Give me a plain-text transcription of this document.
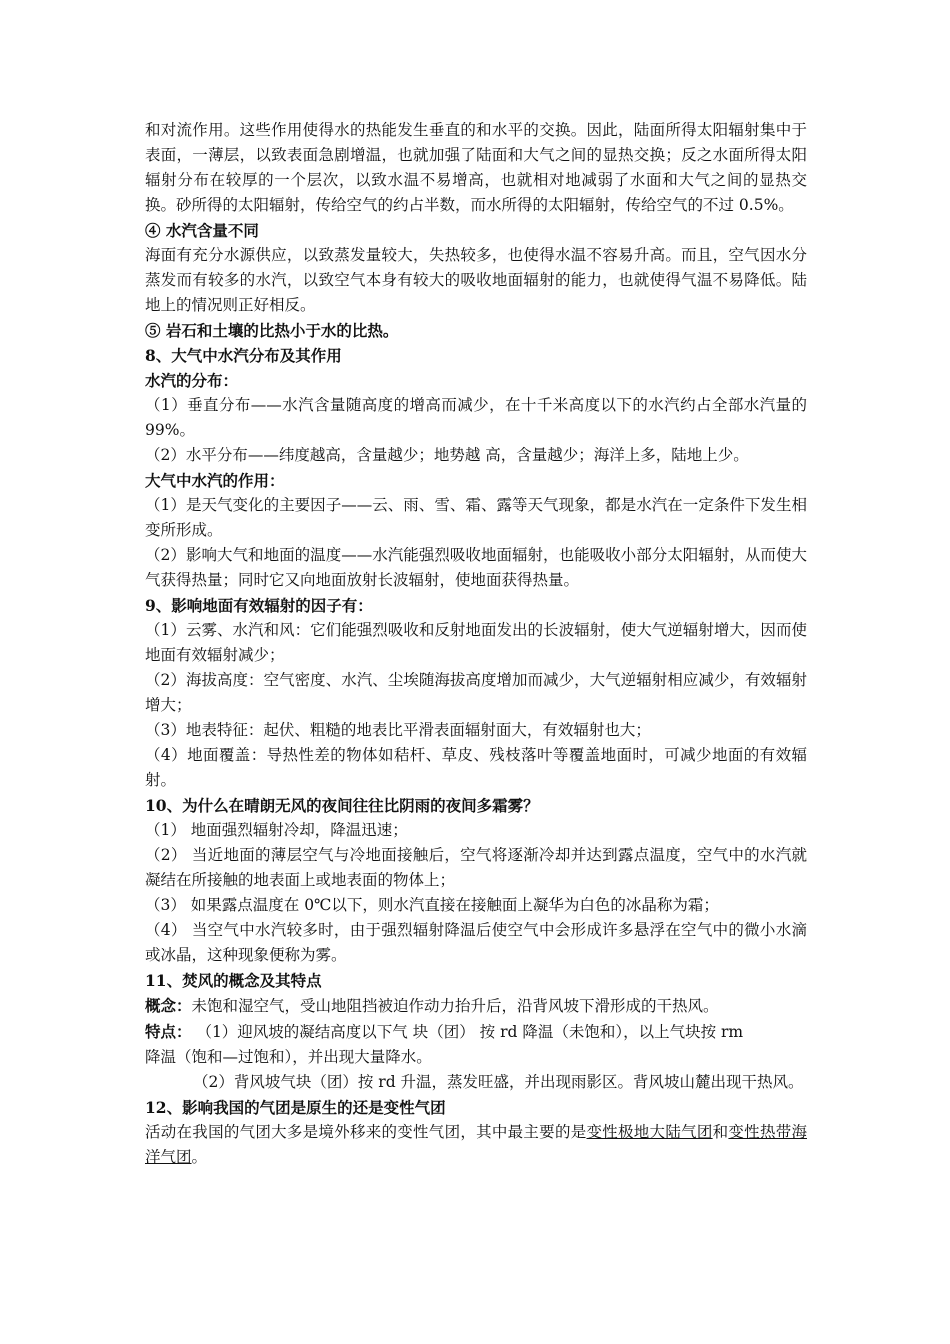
和对流作用。这些作用使得水的热能发生垂直的和水平的交换。因此，陆面所得太阳辐射集中于表面，一薄层，以致表面急剧增温，也就加强了陆面和大气之间的显热交换；反之水面所得太阳辐射分布在较厚的一个层次，以致水温不易增高，也就相对地减弱了水面和大气之间的显热交换。砂所得的太阳辐射，传给空气的约占半数，而水所得的太阳辐射，传给空气的不过 0.5%。

④ 水汽含量不同

海面有充分水源供应，以致蒸发量较大，失热较多，也使得水温不容易升高。而且，空气因水分蒸发而有较多的水汽，以致空气本身有较大的吸收地面辐射的能力，也就使得气温不易降低。陆地上的情况则正好相反。

⑤ 岩石和土壤的比热小于水的比热。

8、大气中水汽分布及其作用

水汽的分布：

（1）垂直分布——水汽含量随高度的增高而减少，在十千米高度以下的水汽约占全部水汽量的 99%。

（2）水平分布——纬度越高，含量越少；地势越 高，含量越少；海洋上多，陆地上少。

大气中水汽的作用：

（1）是天气变化的主要因子——云、雨、雪、霜、露等天气现象，都是水汽在一定条件下发生相变所形成。

（2）影响大气和地面的温度——水汽能强烈吸收地面辐射，也能吸收小部分太阳辐射，从而使大气获得热量；同时它又向地面放射长波辐射，使地面获得热量。

9、影响地面有效辐射的因子有：

（1）云雾、水汽和风：它们能强烈吸收和反射地面发出的长波辐射，使大气逆辐射增大，因而使地面有效辐射减少；

（2）海拔高度：空气密度、水汽、尘埃随海拔高度增加而减少，大气逆辐射相应减少，有效辐射增大；

（3）地表特征：起伏、粗糙的地表比平滑表面辐射面大，有效辐射也大；

（4）地面覆盖：导热性差的物体如秸杆、草皮、残枝落叶等覆盖地面时，可减少地面的有效辐射。

10、为什么在晴朗无风的夜间往往比阴雨的夜间多霜雾？

（1） 地面强烈辐射冷却，降温迅速；

（2） 当近地面的薄层空气与冷地面接触后，空气将逐渐冷却并达到露点温度，空气中的水汽就凝结在所接触的地表面上或地表面的物体上；

（3） 如果露点温度在 0℃以下，则水汽直接在接触面上凝华为白色的冰晶称为霜；

（4） 当空气中水汽较多时，由于强烈辐射降温后使空气中会形成许多悬浮在空气中的微小水滴或冰晶，这种现象便称为雾。

11、焚风的概念及其特点

概念：未饱和湿空气，受山地阻挡被迫作动力抬升后，沿背风坡下滑形成的干热风。

特点： （1）迎风坡的凝结高度以下气 块（团） 按 rd 降温（未饱和），以上气块按 rm

降温（饱和—过饱和），并出现大量降水。

（2）背风坡气块（团）按 rd 升温，蒸发旺盛，并出现雨影区。背风坡山麓出现干热风。

12、影响我国的气团是原生的还是变性气团

活动在我国的气团大多是境外移来的变性气团，其中最主要的是变性极地大陆气团和变性热带海洋气团。
